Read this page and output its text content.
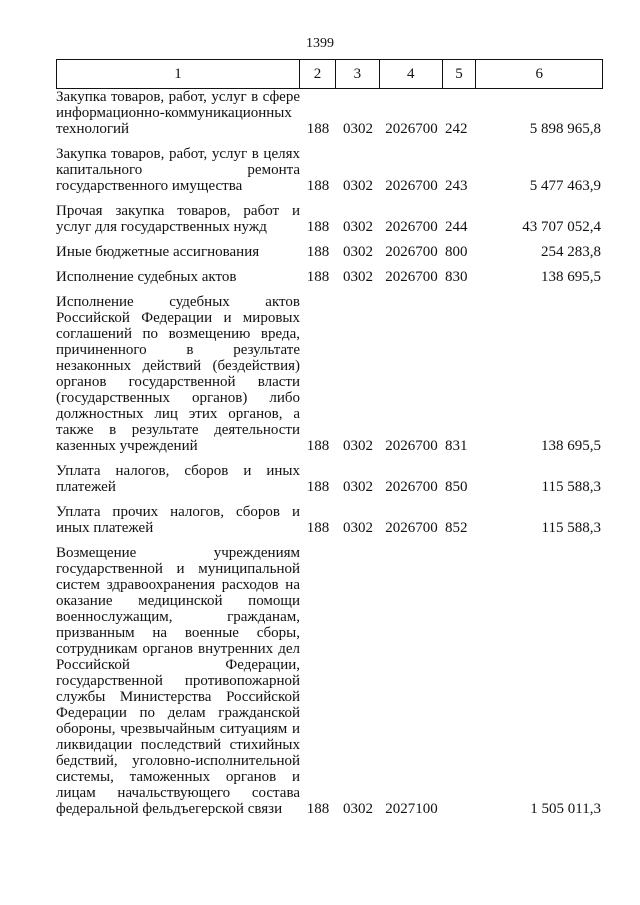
1399
1	2	3	4	5	6
Закупка товаров, работ, услуг в сфере информационно-коммуникационных технологий	188 0302 2026700 242	5 898 965,8
Закупка товаров, работ, услуг в целях капитального ремонта государственного имущества	188 0302 2026700 243	5 477 463,9
Прочая закупка товаров, работ и услуг для государственных нужд	188 0302 2026700 244	43 707 052,4
Иные бюджетные ассигнования	188 0302 2026700 800	254 283,8
Исполнение судебных актов	188 0302 2026700 830	138 695,5
Исполнение судебных актов Российской Федерации и мировых соглашений по возмещению вреда, причиненного в результате незаконных действий (бездействия) органов государственной власти (государственных органов) либо должностных лиц этих органов, а также в результате деятельности казенных учреждений	188 0302 2026700 831	138 695,5
Уплата налогов, сборов и иных платежей	188 0302 2026700 850	115 588,3
Уплата прочих налогов, сборов и иных платежей	188 0302 2026700 852	115 588,3
Возмещение учреждениям государственной и муниципальной систем здравоохранения расходов на оказание медицинской помощи военнослужащим, гражданам, призванным на военные сборы, сотрудникам органов внутренних дел Российской Федерации, государственной противопожарной службы Министерства Российской Федерации по делам гражданской обороны, чрезвычайным ситуациям и ликвидации последствий стихийных бедствий, уголовно-исполнительной системы, таможенных органов и лицам начальствующего состава федеральной фельдъегерской связи	188 0302 2027100	1 505 011,3
